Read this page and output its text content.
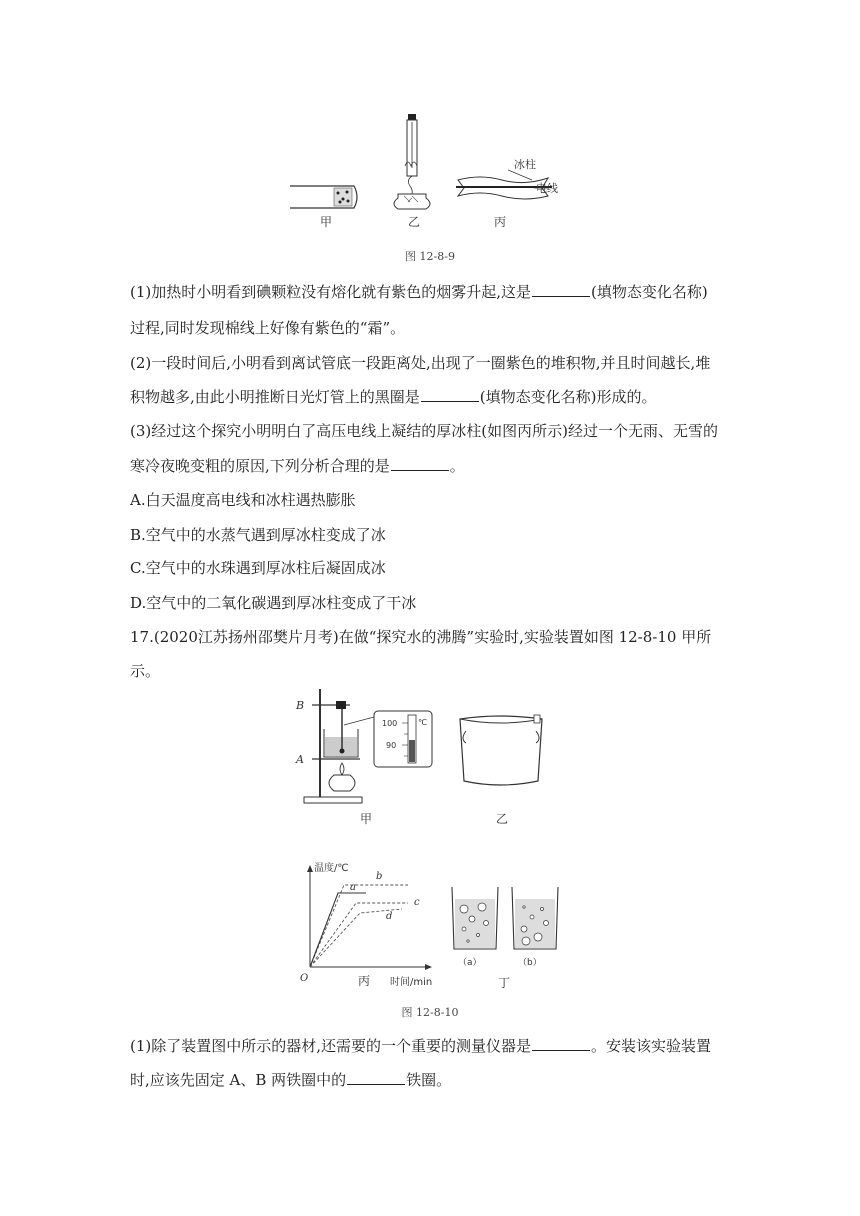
冰柱
电线
甲	乙	丙
图 12-8-9
(1)加热时小明看到碘颗粒没有熔化就有紫色的烟雾升起,这是	(填物态变化名称)
过程,同时发现棉线上好像有紫色的“霜”。
(2)一段时间后,小明看到离试管底一段距离处,出现了一圈紫色的堆积物,并且时间越长,堆
积物越多,由此小明推断日光灯管上的黑圈是	(填物态变化名称)形成的。
(3)经过这个探究小明明白了高压电线上凝结的厚冰柱(如图丙所示)经过一个无雨、无雪的
寒冷夜晚变粗的原因,下列分析合理的是	。
A.白天温度高电线和冰柱遇热膨胀
B.空气中的水蒸气遇到厚冰柱变成了冰
C.空气中的水珠遇到厚冰柱后凝固成冰
D.空气中的二氧化碳遇到厚冰柱变成了干冰
17.(2020江苏扬州邵樊片月考)在做“探究水的沸腾”实验时,实验装置如图 12-8-10 甲所
示。
100
90
℃
B
A
甲	乙
温度/℃
时间/min
O
a
b
c
d
丙
（a）	（b）
丁
图 12-8-10
(1)除了装置图中所示的器材,还需要的一个重要的测量仪器是	。安装该实验装置
时,应该先固定 A、B 两铁圈中的	铁圈。
